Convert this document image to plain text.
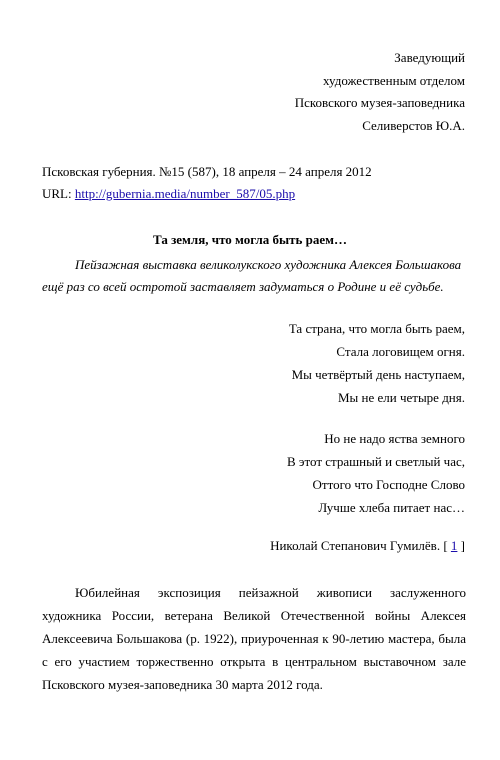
Заведующий
художественным отделом
Псковского музея-заповедника
Селиверстов Ю.А.
Псковская губерния. №15 (587), 18 апреля – 24 апреля 2012
URL: http://gubernia.media/number_587/05.php
Та земля, что могла быть раем…
Пейзажная выставка великолукского художника Алексея Большакова
ещё раз со всей остротой заставляет задуматься о Родине и её судьбе.
Та страна, что могла быть раем,
Стала логовищем огня.
Мы четвёртый день наступаем,
Мы не ели четыре дня.
Но не надо яства земного
В этот страшный и светлый час,
Оттого что Господне Слово
Лучше хлеба питает нас…
Николай Степанович Гумилёв. [ 1 ]
Юбилейная экспозиция пейзажной живописи заслуженного художника России, ветерана Великой Отечественной войны Алексея Алексеевича Большакова (р. 1922), приуроченная к 90-летию мастера, была с его участием торжественно открыта в центральном выставочном зале Псковского музея-заповедника 30 марта 2012 года.
